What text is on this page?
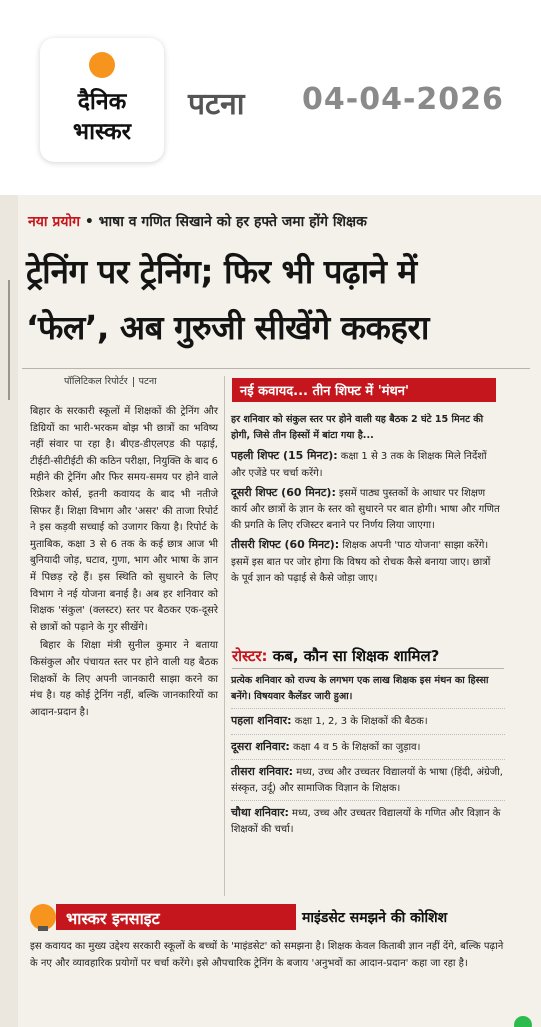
दैनिक
भास्कर
पटना 04-04-2026
नया प्रयोग • भाषा व गणित सिखाने को हर हफ्ते जमा होंगे शिक्षक
ट्रेनिंग पर ट्रेनिंग; फिर भी पढ़ाने में
‘फेल’, अब गुरुजी सीखेंगे ककहरा
पॉलिटिकल रिपोर्टर पटना

बिहार के सरकारी स्कूलों में शिक्षकों की ट्रेनिंग और डिग्रियों का भारी-भरकम बोझ भी छात्रों का भविष्य नहीं संवार पा रहा है। बीएड-डीएलएड की पढ़ाई, टीईटी-सीटीईटी की कठिन परीक्षा, नियुक्ति के बाद 6 महीने की ट्रेनिंग और फिर समय-समय पर होने वाले रिफ्रेशर कोर्स, इतनी कवायद के बाद भी नतीजे सिफर हैं। शिक्षा विभाग और 'असर' की ताजा रिपोर्ट ने इस कड़वी सच्चाई को उजागर किया है। रिपोर्ट के मुताबिक, कक्षा 3 से 6 तक के कई छात्र आज भी बुनियादी जोड़, घटाव, गुणा, भाग और भाषा के ज्ञान में पिछड़ रहे हैं। इस स्थिति को सुधारने के लिए विभाग ने नई योजना बनाई है। अब हर शनिवार को शिक्षक 'संकुल' (क्लस्टर) स्तर पर बैठकर एक-दूसरे से छात्रों को पढ़ाने के गुर सीखेंगे।

बिहार के शिक्षा मंत्री सुनील कुमार ने बताया किसंकुल और पंचायत स्तर पर होने वाली यह बैठक शिक्षकों के लिए अपनी जानकारी साझा करने का मंच है। यह कोई ट्रेनिंग नहीं, बल्कि जानकारियों का आदान-प्रदान है।

नई कवायद... तीन शिफ्ट में 'मंथन'
हर शनिवार को संकुल स्तर पर होने वाली यह बैठक 2 घंटे 15 मिनट की होगी, जिसे तीन हिस्सों में बांटा गया है...
पहली शिफ्ट (15 मिनट): कक्षा 1 से 3 तक के शिक्षक मिले निर्देशों और एजेंडे पर चर्चा करेंगे।
दूसरी शिफ्ट (60 मिनट): इसमें पाठ्य पुस्तकों के आधार पर शिक्षण कार्य और छात्रों के ज्ञान के स्तर को सुधारने पर बात होगी। भाषा और गणित की प्रगति के लिए रजिस्टर बनाने पर निर्णय लिया जाएगा।
तीसरी शिफ्ट (60 मिनट): शिक्षक अपनी 'पाठ योजना' साझा करेंगे। इसमें इस बात पर जोर होगा कि विषय को रोचक कैसे बनाया जाए। छात्रों के पूर्व ज्ञान को पढ़ाई से कैसे जोड़ा जाए।
रोस्टर: कब, कौन सा शिक्षक शामिल?
प्रत्येक शनिवार को राज्य के लगभग एक लाख शिक्षक इस मंथन का हिस्सा बनेंगे। विषयवार कैलेंडर जारी हुआ।
पहला शनिवार: कक्षा 1, 2, 3 के शिक्षकों की बैठक।
दूसरा शनिवार: कक्षा 4 व 5 के शिक्षकों का जुड़ाव।
तीसरा शनिवार: मध्य, उच्च और उच्चतर विद्यालयों के भाषा (हिंदी, अंग्रेजी, संस्कृत, उर्दू) और सामाजिक विज्ञान के शिक्षक।
चौथा शनिवार: मध्य, उच्च और उच्चतर विद्यालयों के गणित और विज्ञान के शिक्षकों की चर्चा।
भास्कर इनसाइट	माइंडसेट समझने की कोशिश
इस कवायद का मुख्य उद्देश्य सरकारी स्कूलों के बच्चों के 'माइंडसेट' को समझना है। शिक्षक केवल किताबी ज्ञान नहीं देंगे, बल्कि पढ़ाने के नए और व्यावहारिक प्रयोगों पर चर्चा करेंगे। इसे औपचारिक ट्रेनिंग के बजाय 'अनुभवों का आदान-प्रदान' कहा जा रहा है।
